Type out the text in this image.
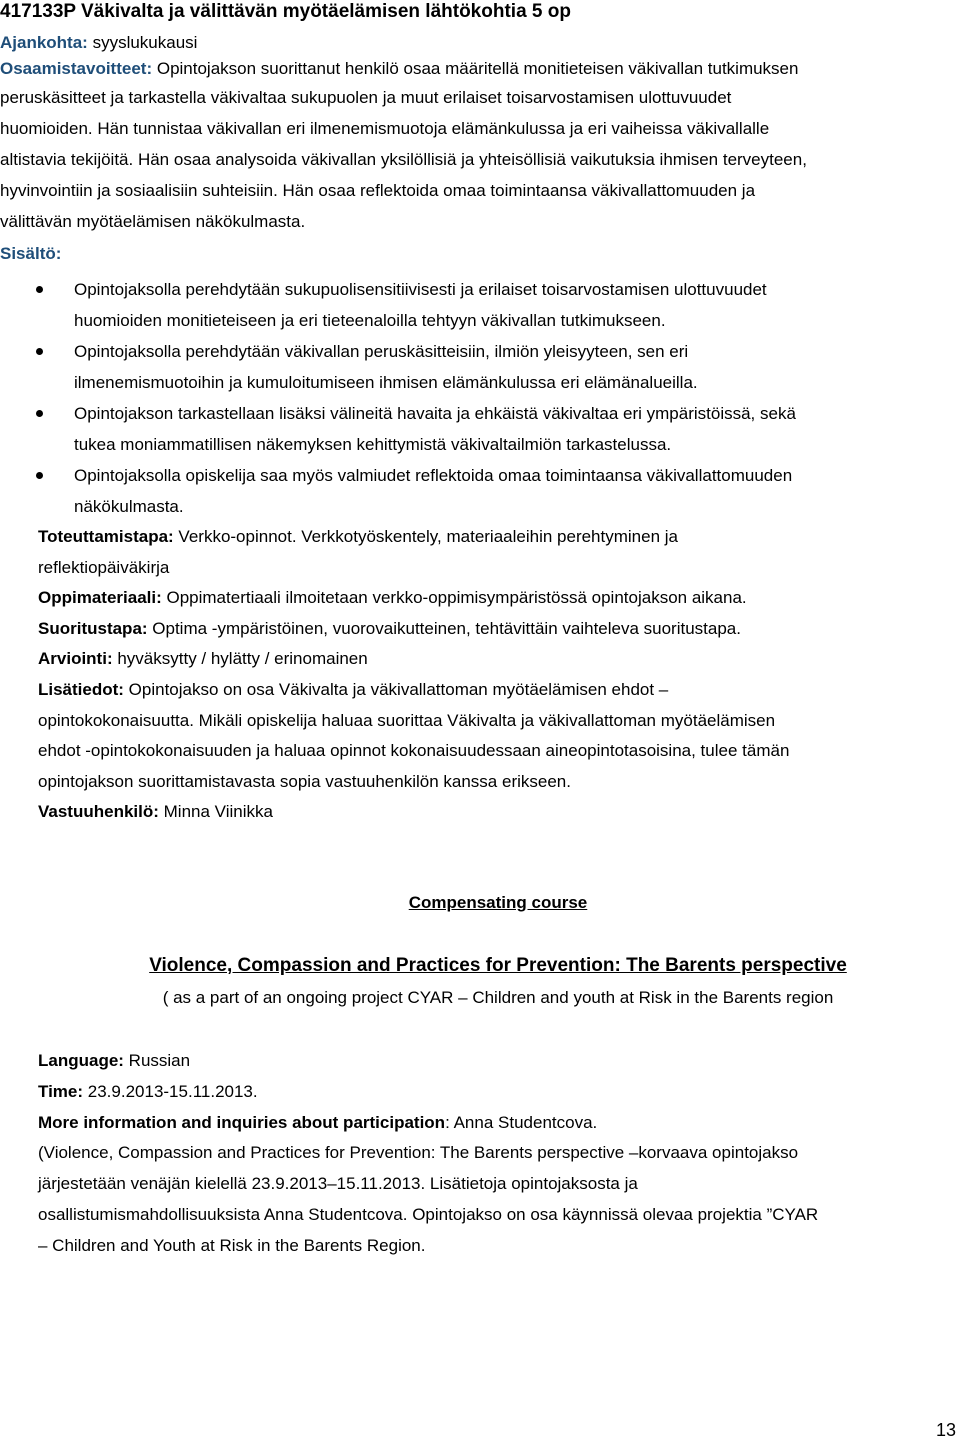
417133P Väkivalta ja välittävän myötäelämisen lähtökohtia 5 op
Ajankohta: syyslukukausi
Osaamistavoitteet: Opintojakson suorittanut henkilö osaa määritellä monitieteisen väkivallan tutkimuksen
peruskäsitteet ja tarkastella väkivaltaa sukupuolen ja muut erilaiset toisarvostamisen ulottuvuudet
huomioiden. Hän tunnistaa väkivallan eri ilmenemismuotoja elämänkulussa ja eri vaiheissa väkivallalle
altistavia tekijöitä. Hän osaa analysoida väkivallan yksilöllisiä ja yhteisöllisiä vaikutuksia ihmisen terveyteen,
hyvinvointiin ja sosiaalisiin suhteisiin. Hän osaa reflektoida omaa toimintaansa väkivallattomuuden ja
välittävän myötäelämisen näkökulmasta.
Sisältö:
Opintojaksolla perehdytään sukupuolisensitiivisesti ja erilaiset toisarvostamisen ulottuvuudet
huomioiden monitieteiseen ja eri tieteenaloilla tehtyyn väkivallan tutkimukseen.
Opintojaksolla perehdytään väkivallan peruskäsitteisiin, ilmiön yleisyyteen, sen eri
ilmenemismuotoihin ja kumuloitumiseen ihmisen elämänkulussa eri elämänalueilla.
Opintojakson tarkastellaan lisäksi välineitä havaita ja ehkäistä väkivaltaa eri ympäristöissä, sekä
tukea moniammatillisen näkemyksen kehittymistä väkivaltailmiön tarkastelussa.
Opintojaksolla opiskelija saa myös valmiudet reflektoida omaa toimintaansa väkivallattomuuden
näkökulmasta.
Toteuttamistapa: Verkko-opinnot. Verkkotyöskentely, materiaaleihin perehtyminen ja
reflektiopäiväkirja
Oppimateriaali: Oppimatertiaali ilmoitetaan verkko-oppimisympäristössä opintojakson aikana.
Suoritustapa: Optima -ympäristöinen, vuorovaikutteinen, tehtävittäin vaihteleva suoritustapa.
Arviointi: hyväksytty / hylätty / erinomainen
Lisätiedot: Opintojakso on osa Väkivalta ja väkivallattoman myötäelämisen ehdot –
opintokokonaisuutta. Mikäli opiskelija haluaa suorittaa Väkivalta ja väkivallattoman myötäelämisen
ehdot -opintokokonaisuuden ja haluaa opinnot kokonaisuudessaan aineopintotasoisina, tulee tämän
opintojakson suorittamistavasta sopia vastuuhenkilön kanssa erikseen.
Vastuuhenkilö: Minna Viinikka
Compensating course
Violence, Compassion and Practices for Prevention: The Barents perspective
( as a part of an ongoing project CYAR – Children and youth at Risk in the Barents region
Language: Russian
Time: 23.9.2013-15.11.2013.
More information and inquiries about participation: Anna Studentcova.
(Violence, Compassion and Practices for Prevention: The Barents perspective –korvaava opintojakso
järjestetään venäjän kielellä 23.9.2013–15.11.2013. Lisätietoja opintojaksosta ja
osallistumismahdollisuuksista Anna Studentcova. Opintojakso on osa käynnissä olevaa projektia ”CYAR
– Children and Youth at Risk in the Barents Region.
13
